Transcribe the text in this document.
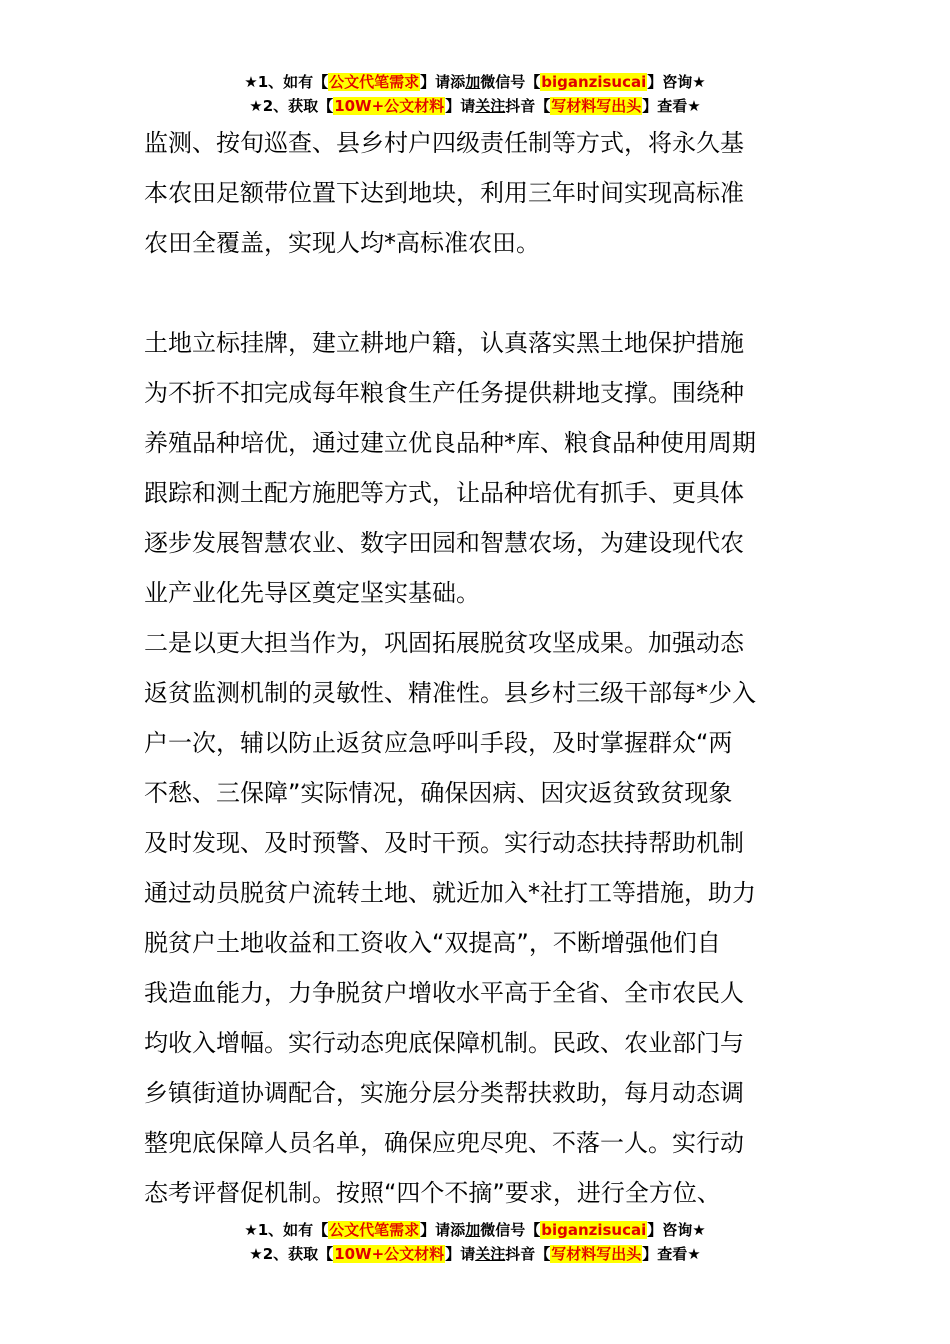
★1、如有【公文代笔需求】请添加微信号【biganzisucai】咨询★
★2、获取【10W+公文材料】请关注抖音【写材料写出头】查看★
监测、按旬巡查、县乡村户四级责任制等方式，将永久基
本农田足额带位置下达到地块，利用三年时间实现高标准
农田全覆盖，实现人均*高标准农田。
土地立标挂牌，建立耕地户籍，认真落实黑土地保护措施
为不折不扣完成每年粮食生产任务提供耕地支撑。围绕种
养殖品种培优，通过建立优良品种*库、粮食品种使用周期
跟踪和测土配方施肥等方式，让品种培优有抓手、更具体
逐步发展智慧农业、数字田园和智慧农场，为建设现代农
业产业化先导区奠定坚实基础。
二是以更大担当作为，巩固拓展脱贫攻坚成果。加强动态
返贫监测机制的灵敏性、精准性。县乡村三级干部每*少入
户一次，辅以防止返贫应急呼叫手段，及时掌握群众“两
不愁、三保障”实际情况，确保因病、因灾返贫致贫现象
及时发现、及时预警、及时干预。实行动态扶持帮助机制
通过动员脱贫户流转土地、就近加入*社打工等措施，助力
脱贫户土地收益和工资收入“双提高”，不断增强他们自
我造血能力，力争脱贫户增收水平高于全省、全市农民人
均收入增幅。实行动态兜底保障机制。民政、农业部门与
乡镇街道协调配合，实施分层分类帮扶救助，每月动态调
整兜底保障人员名单，确保应兜尽兜、不落一人。实行动
态考评督促机制。按照“四个不摘”要求，进行全方位、
★1、如有【公文代笔需求】请添加微信号【biganzisucai】咨询★
★2、获取【10W+公文材料】请关注抖音【写材料写出头】查看★
